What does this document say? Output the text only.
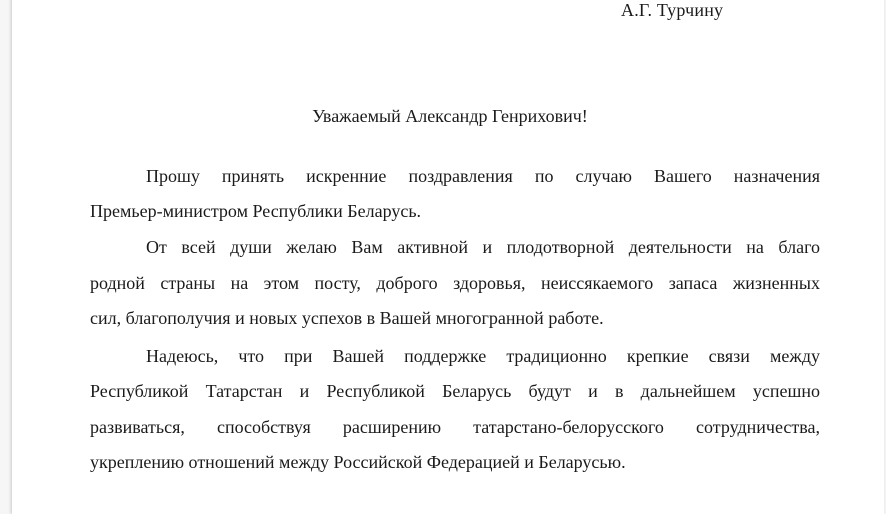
А.Г. Турчину
Уважаемый Александр Генрихович!
Прошу принять искренние поздравления по случаю Вашего назначения
Премьер-министром Республики Беларусь.
От всей души желаю Вам активной и плодотворной деятельности на благо
родной страны на этом посту, доброго здоровья, неиссякаемого запаса жизненных
сил, благополучия и новых успехов в Вашей многогранной работе.
Надеюсь, что при Вашей поддержке традиционно крепкие связи между
Республикой Татарстан и Республикой Беларусь будут и в дальнейшем успешно
развиваться, способствуя расширению татарстано-белорусского сотрудничества,
укреплению отношений между Российской Федерацией и Беларусью.
